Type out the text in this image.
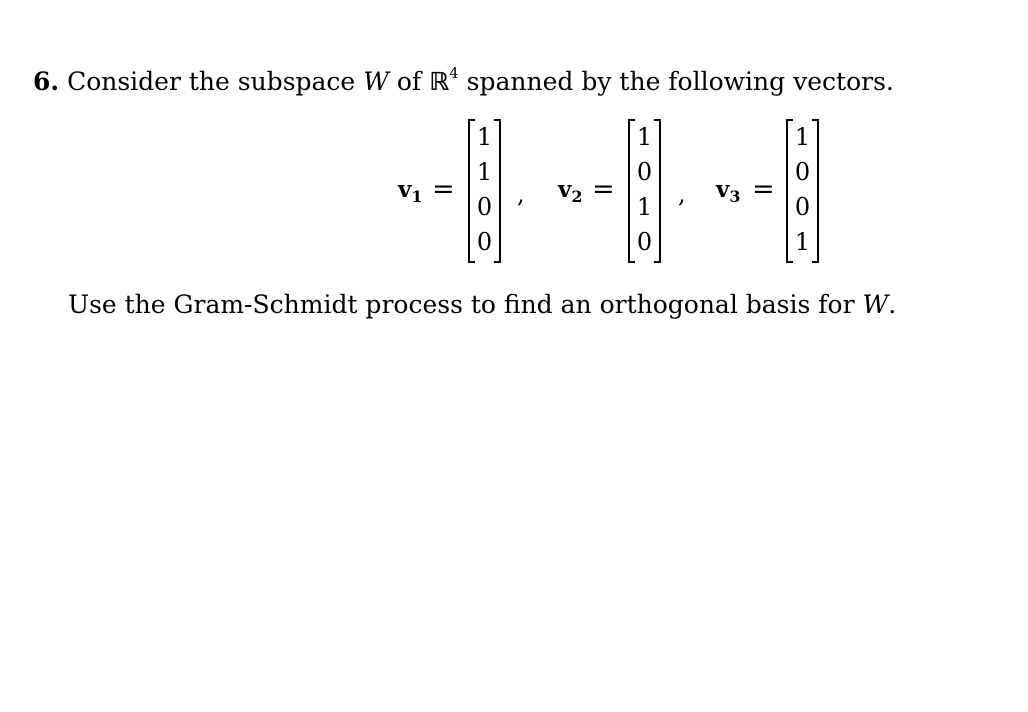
6. Consider the subspace W of ℝ$^4$ spanned by the following vectors.
$v_1$ =
1
1
0
0
, $v_2$ =
1
0
1
0
, $v_3$ =
1
0
0
1
Use the Gram-Schmidt process to find an orthogonal basis for W.
